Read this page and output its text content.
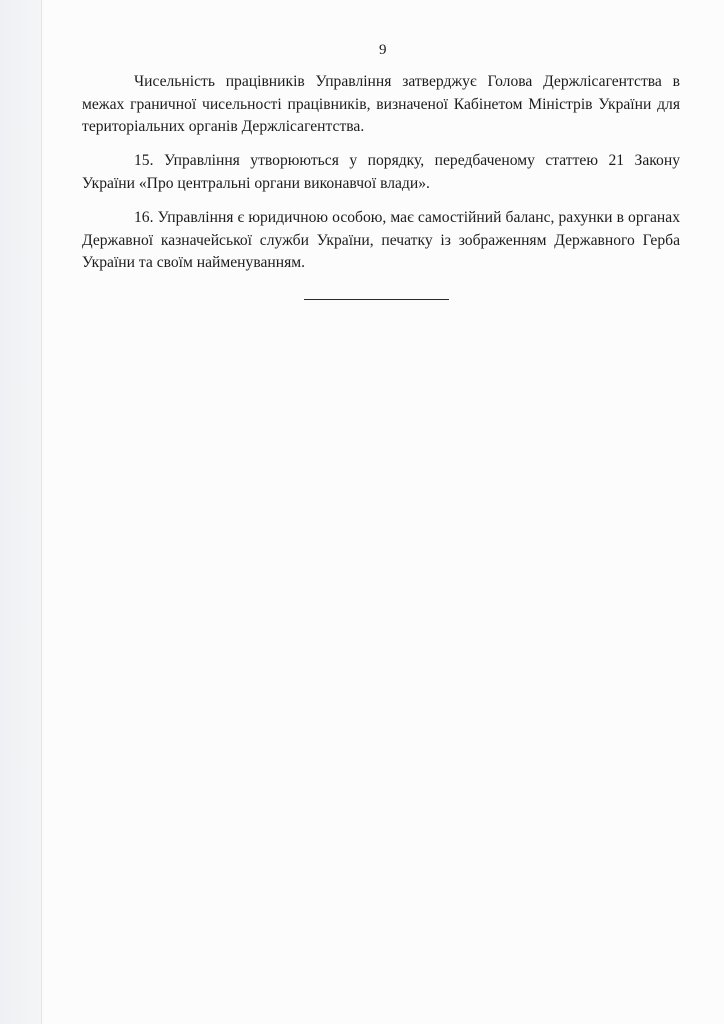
9

Чисельність працівників Управління затверджує Голова Держлісагентства в межах граничної чисельності працівників, визначеної Кабінетом Міністрів України для територіальних органів Держлісагентства.

15. Управління утворюються у порядку, передбаченому статтею 21 Закону України «Про центральні органи виконавчої влади».

16. Управління є юридичною особою, має самостійний баланс, рахунки в органах Державної казначейської служби України, печатку із зображенням Державного Герба України та своїм найменуванням.
